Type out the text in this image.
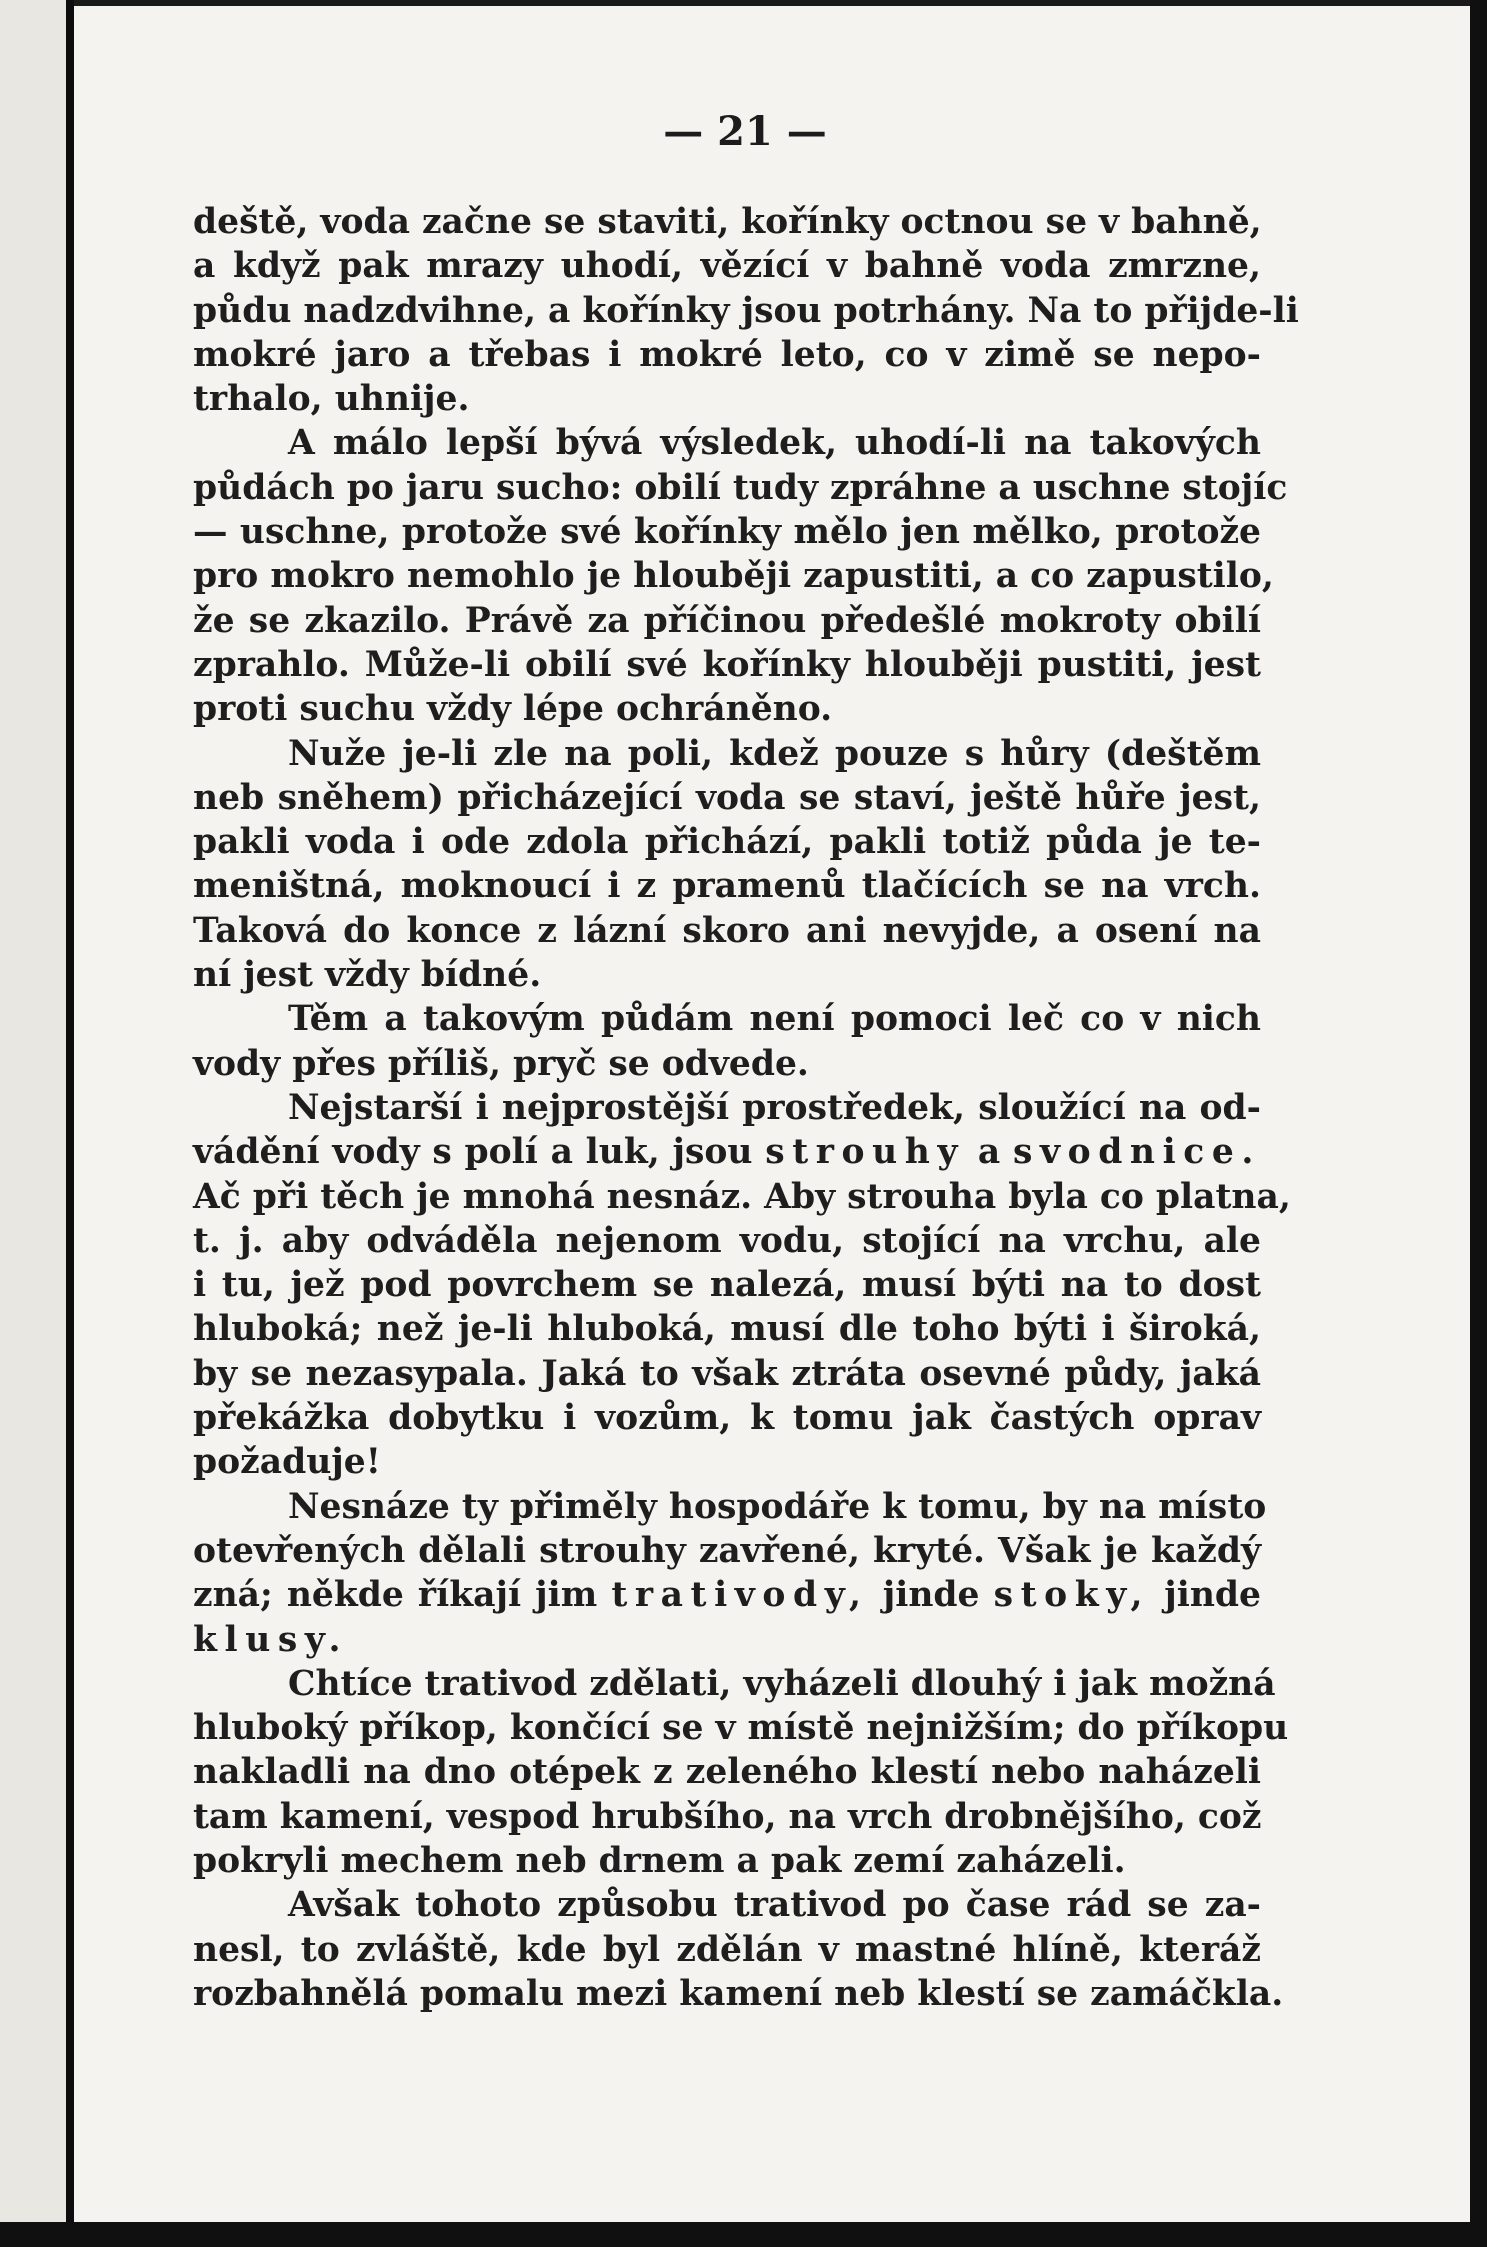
— 21 —
deště, voda začne se staviti, kořínky octnou se v bahně,
a když pak mrazy uhodí, vězící v bahně voda zmrzne,
půdu nadzdvihne, a kořínky jsou potrhány. Na to přijde-li
mokré jaro a třebas i mokré leto, co v zimě se nepo-
trhalo, uhnije.
A málo lepší bývá výsledek, uhodí-li na takových
půdách po jaru sucho: obilí tudy zpráhne a uschne stojíc
— uschne, protože své kořínky mělo jen mělko, protože
pro mokro nemohlo je hlouběji zapustiti, a co zapustilo,
že se zkazilo. Právě za příčinou předešlé mokroty obilí
zprahlo. Může-li obilí své kořínky hlouběji pustiti, jest
proti suchu vždy lépe ochráněno.
Nuže je-li zle na poli, kdež pouze s hůry (deštěm
neb sněhem) přicházející voda se staví, ještě hůře jest,
pakli voda i ode zdola přichází, pakli totiž půda je te-
meništná, moknoucí i z pramenů tlačících se na vrch.
Taková do konce z lázní skoro ani nevyjde, a osení na
ní jest vždy bídné.
Těm a takovým půdám není pomoci leč co v nich
vody přes příliš, pryč se odvede.
Nejstarší i nejprostější prostředek, sloužící na od-
vádění vody s polí a luk, jsou strouhy a svodnice.
Ač při těch je mnohá nesnáz. Aby strouha byla co platna,
t. j. aby odváděla nejenom vodu, stojící na vrchu, ale
i tu, jež pod povrchem se nalezá, musí býti na to dost
hluboká; než je-li hluboká, musí dle toho býti i široká,
by se nezasypala. Jaká to však ztráta osevné půdy, jaká
překážka dobytku i vozům, k tomu jak častých oprav
požaduje!
Nesnáze ty přiměly hospodáře k tomu, by na místo
otevřených dělali strouhy zavřené, kryté. Však je každý
zná; někde říkají jim trativody, jinde stoky, jinde
klusy.
Chtíce trativod zdělati, vyházeli dlouhý i jak možná
hluboký příkop, končící se v místě nejnižším; do příkopu
nakladli na dno otépek z zeleného klestí nebo naházeli
tam kamení, vespod hrubšího, na vrch drobnějšího, což
pokryli mechem neb drnem a pak zemí zaházeli.
Avšak tohoto způsobu trativod po čase rád se za-
nesl, to zvláště, kde byl zdělán v mastné hlíně, kteráž
rozbahnělá pomalu mezi kamení neb klestí se zamáčkla.
